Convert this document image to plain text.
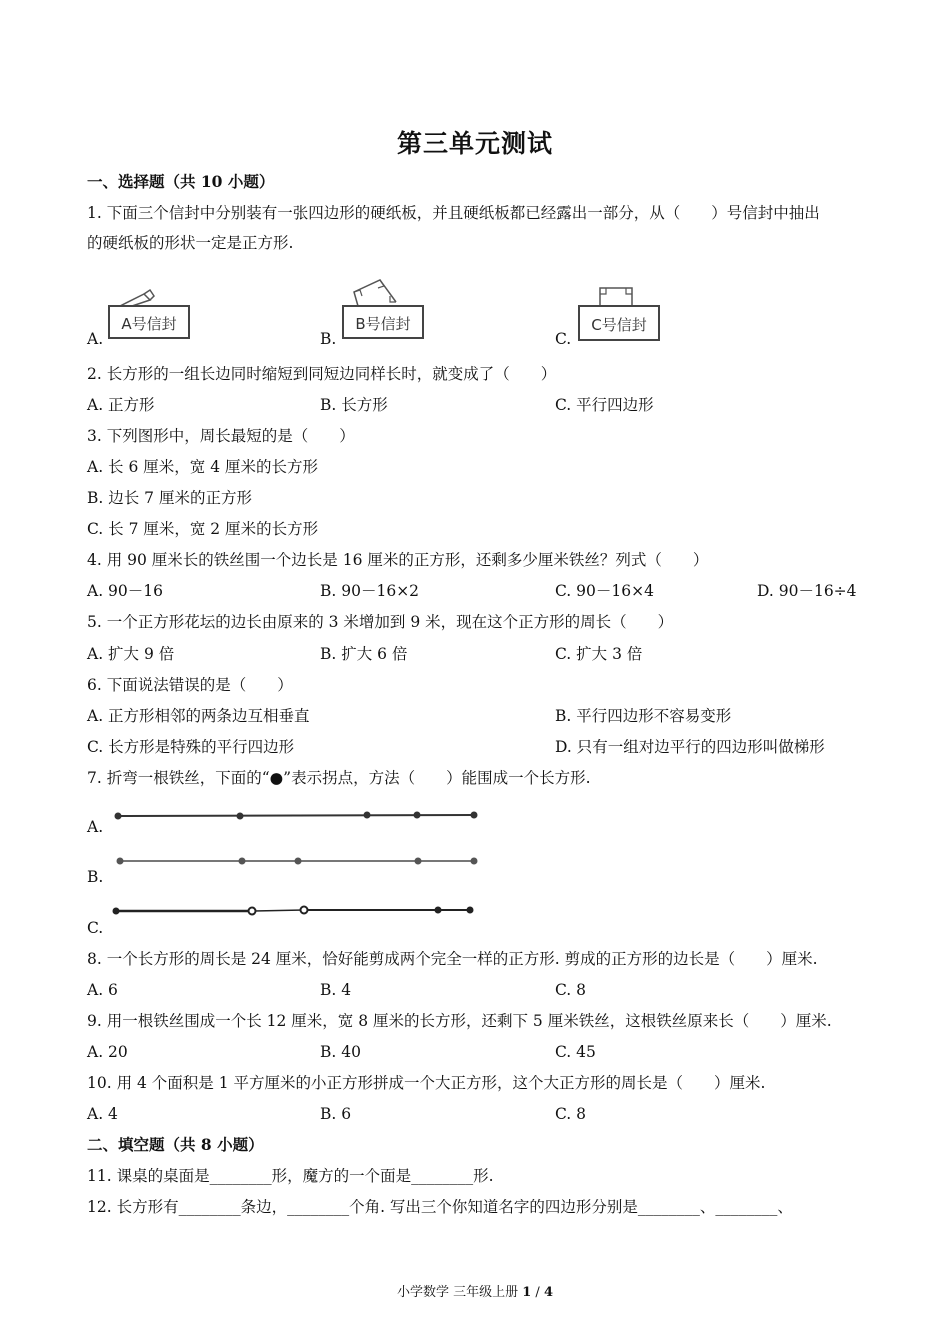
第三单元测试
一、选择题（共 10 小题）
1. 下面三个信封中分别装有一张四边形的硬纸板，并且硬纸板都已经露出一部分，从（　　）号信封中抽出
的硬纸板的形状一定是正方形.
A.
A号信封
B.
B号信封
C.
C号信封
2. 长方形的一组长边同时缩短到同短边同样长时，就变成了（　　）
A. 正方形	B. 长方形	C. 平行四边形
3. 下列图形中，周长最短的是（　　）
A. 长 6 厘米，宽 4 厘米的长方形
B. 边长 7 厘米的正方形
C. 长 7 厘米，宽 2 厘米的长方形
4. 用 90 厘米长的铁丝围一个边长是 16 厘米的正方形，还剩多少厘米铁丝？列式（　　）
A. 90－16	B. 90－16×2	C. 90－16×4	D. 90－16÷4
5. 一个正方形花坛的边长由原来的 3 米增加到 9 米，现在这个正方形的周长（　　）
A. 扩大 9 倍	B. 扩大 6 倍	C. 扩大 3 倍
6. 下面说法错误的是（　　）
A. 正方形相邻的两条边互相垂直	B. 平行四边形不容易变形
C. 长方形是特殊的平行四边形	D. 只有一组对边平行的四边形叫做梯形
7. 折弯一根铁丝，下面的“●”表示拐点，方法（　　）能围成一个长方形.
A.
B.
C.
8. 一个长方形的周长是 24 厘米，恰好能剪成两个完全一样的正方形. 剪成的正方形的边长是（　　）厘米.
A. 6	B. 4	C. 8
9. 用一根铁丝围成一个长 12 厘米，宽 8 厘米的长方形，还剩下 5 厘米铁丝，这根铁丝原来长（　　）厘米.
A. 20	B. 40	C. 45
10. 用 4 个面积是 1 平方厘米的小正方形拼成一个大正方形，这个大正方形的周长是（　　）厘米.
A. 4	B. 6	C. 8
二、填空题（共 8 小题）
11. 课桌的桌面是________形，魔方的一个面是________形.
12. 长方形有________条边，________个角. 写出三个你知道名字的四边形分别是________、________、
小学数学 三年级上册 1 / 4
